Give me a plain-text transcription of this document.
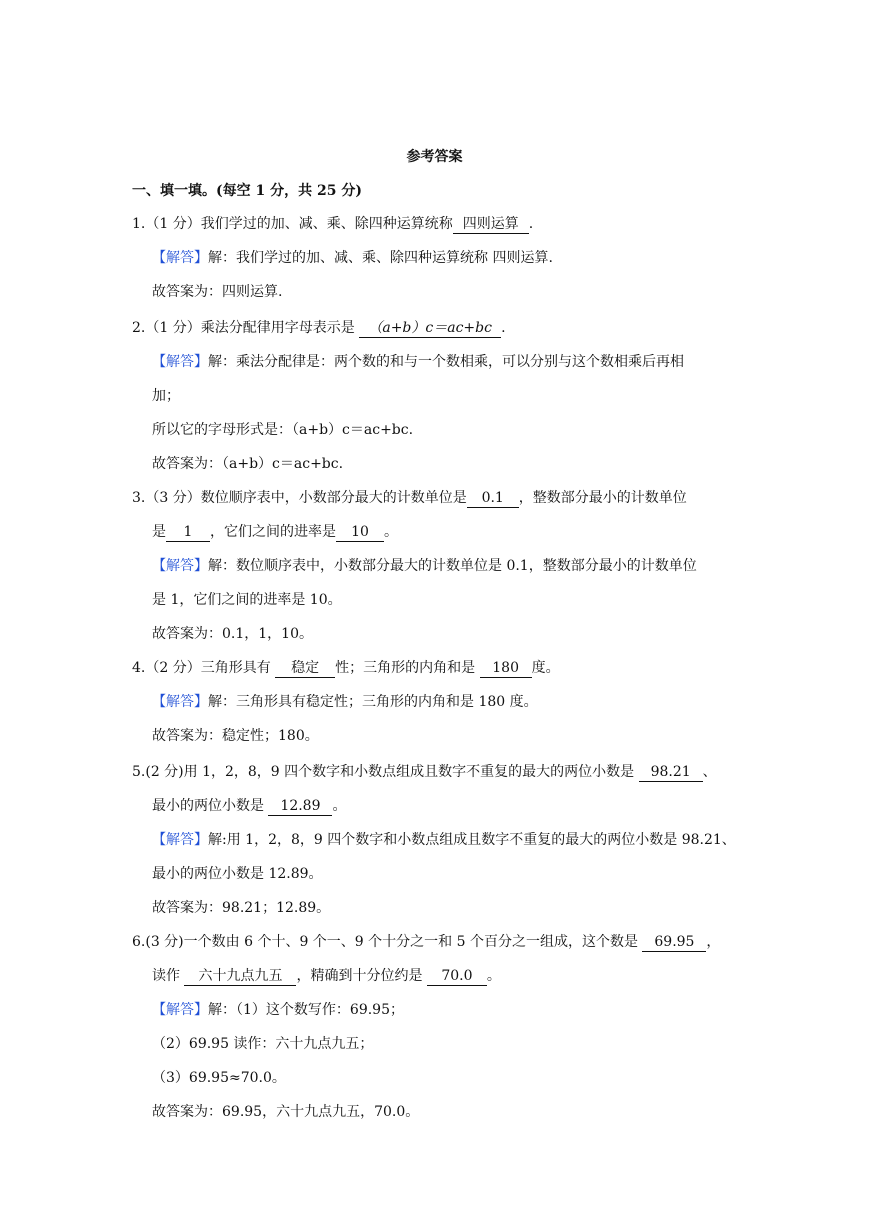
参考答案
一、填一填。(每空 1 分，共 25 分)
1.（1 分）我们学过的加、减、乘、除四种运算统称 四则运算 .
【解答】解：我们学过的加、减、乘、除四种运算统称 四则运算.
故答案为：四则运算.
2.（1 分）乘法分配律用字母表示是 （a+b）c＝ac+bc .
【解答】解：乘法分配律是：两个数的和与一个数相乘，可以分别与这个数相乘后再相
加；
所以它的字母形式是：（a+b）c＝ac+bc.
故答案为：（a+b）c＝ac+bc.
3.（3 分）数位顺序表中，小数部分最大的计数单位是 0.1 ，整数部分最小的计数单位
是 1 ，它们之间的进率是 10 。
【解答】解：数位顺序表中，小数部分最大的计数单位是 0.1，整数部分最小的计数单位
是 1，它们之间的进率是 10。
故答案为：0.1，1，10。
4.（2 分）三角形具有 稳定 性；三角形的内角和是 180 度。
【解答】解：三角形具有稳定性；三角形的内角和是 180 度。
故答案为：稳定性；180。
5.(2 分)用 1，2，8，9 四个数字和小数点组成且数字不重复的最大的两位小数是 98.21 、
最小的两位小数是 12.89 。
【解答】解:用 1，2，8，9 四个数字和小数点组成且数字不重复的最大的两位小数是 98.21、
最小的两位小数是 12.89。
故答案为：98.21；12.89。
6.(3 分)一个数由 6 个十、9 个一、9 个十分之一和 5 个百分之一组成，这个数是 69.95 ，
读作 六十九点九五 ，精确到十分位约是 70.0 。
【解答】解：（1）这个数写作：69.95；
（2）69.95 读作：六十九点九五；
（3）69.95≈70.0。
故答案为：69.95，六十九点九五，70.0。
